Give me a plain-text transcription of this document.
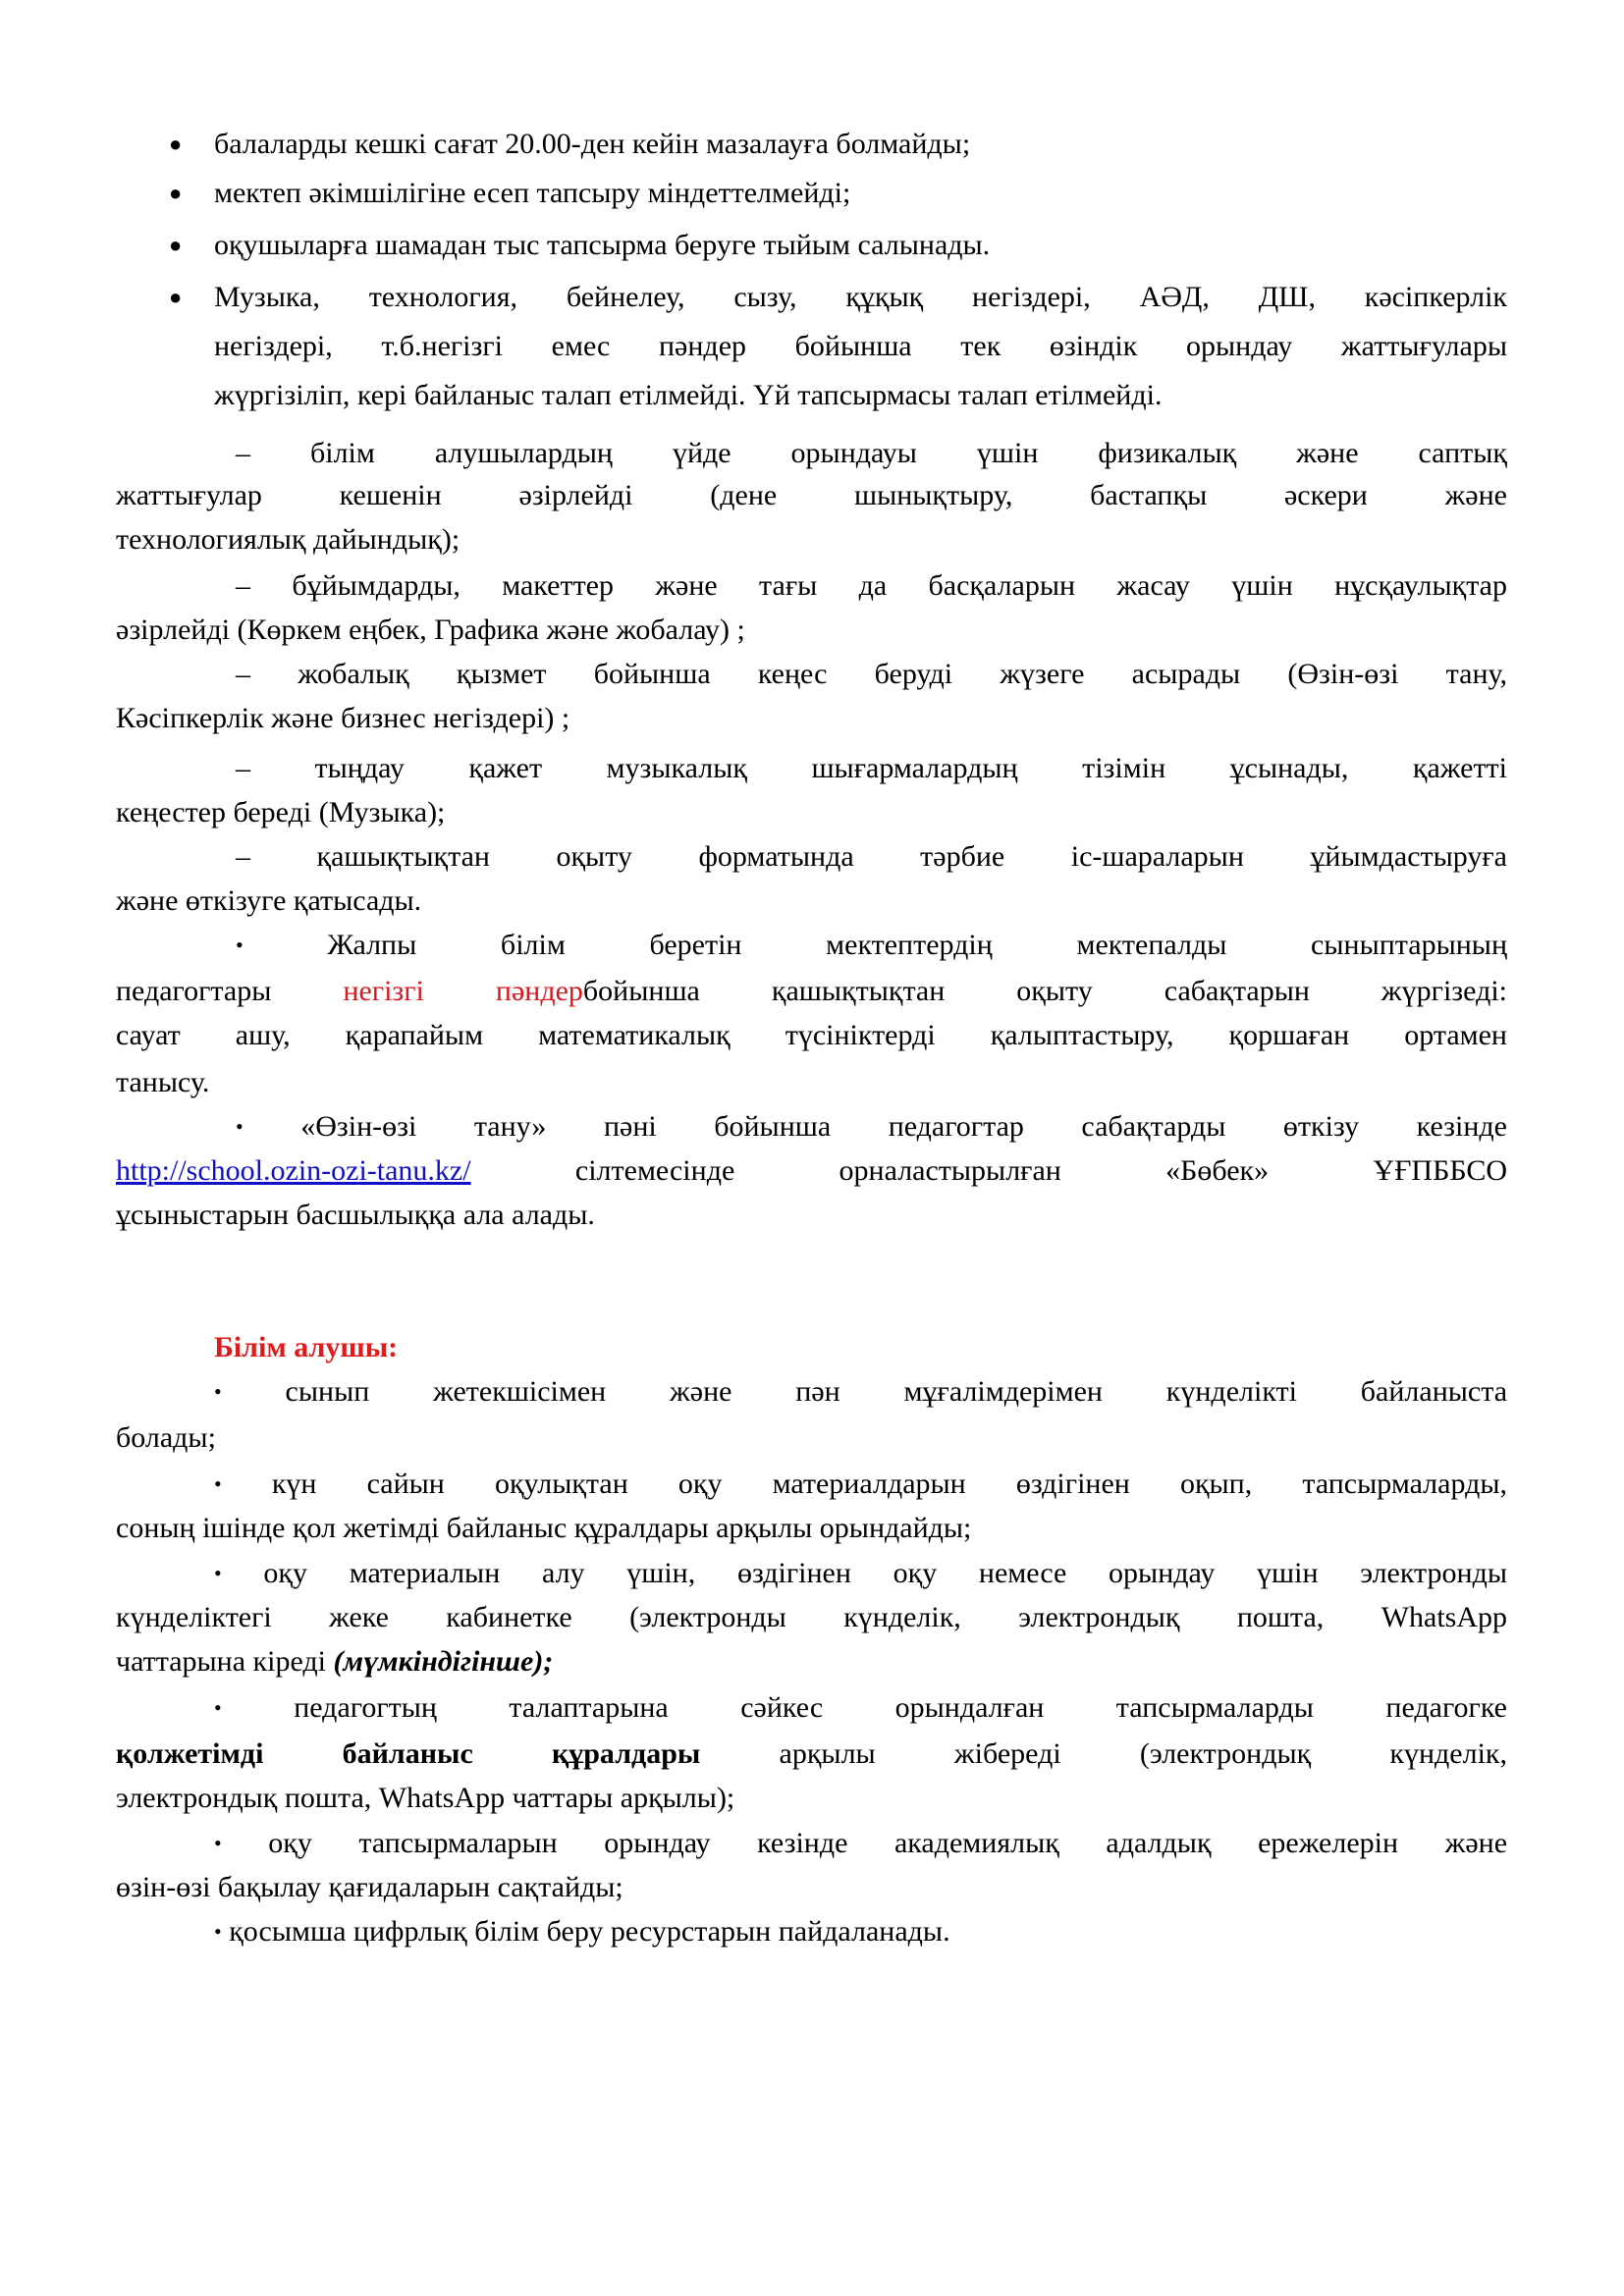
● балаларды кешкі сағат 20.00-ден кейін мазалауға болмайды;
● мектеп әкімшілігіне есеп тапсыру міндеттелмейді;
● оқушыларға шамадан тыс тапсырма беруге тыйым салынады.
● Музыка, технология, бейнелеу, сызу, құқық негіздері, АӘД, ДШ, кәсіпкерлік
негіздері, т.б.негізгі емес пәндер бойынша тек өзіндік орындау жаттығулары
жүргізіліп, кері байланыс талап етілмейді. Үй тапсырмасы талап етілмейді.
– білім алушылардың үйде орындауы үшін физикалық және саптық
жаттығулар кешенін әзірлейді (дене шынықтыру, бастапқы әскери және
технологиялық дайындық);
– бұйымдарды, макеттер және тағы да басқаларын жасау үшін нұсқаулықтар
әзірлейді (Көркем еңбек, Графика және жобалау) ;
– жобалық қызмет бойынша кеңес беруді жүзеге асырады (Өзін-өзі тану,
Кәсіпкерлік және бизнес негіздері) ;
– тыңдау қажет музыкалық шығармалардың тізімін ұсынады, қажетті
кеңестер береді (Музыка);
– қашықтықтан оқыту форматында тәрбие іс-шараларын ұйымдастыруға
және өткізуге қатысады.
•	Жалпы білім беретін мектептердің мектепалды сыныптарының
педагогтары негізгі пәндербойынша қашықтықтан оқыту сабақтарын жүргізеді:
сауат ашу, қарапайым математикалық түсініктерді қалыптастыру, қоршаған ортамен
танысу.
• «Өзін-өзі тану» пәні бойынша педагогтар сабақтарды өткізу кезінде
http://school.ozin-ozi-tanu.kz/	сілтемесінде орналастырылған «Бөбек» ҰҒПББСО
ұсыныстарын басшылыққа ала алады.
Білім алушы:
• сынып жетекшісімен және пән мұғалімдерімен күнделікті байланыста
болады;
• күн сайын оқулықтан оқу материалдарын өздігінен оқып, тапсырмаларды,
соның ішінде қол жетімді байланыс құралдары арқылы орындайды;
• оқу материалын алу үшін, өздігінен оқу немесе орындау үшін электронды
күнделіктегі жеке кабинетке (электронды күнделік, электрондық пошта, WhatsApp
чаттарына кіреді (мүмкіндігінше);
• педагогтың талаптарына сәйкес орындалған тапсырмаларды педагогке
қолжетімді байланыс құралдары арқылы жібереді (электрондық күнделік,
электрондық пошта, WhatsApp чаттары арқылы);
• оқу тапсырмаларын орындау кезінде академиялық адалдық ережелерін және
өзін-өзі бақылау қағидаларын сақтайды;
• қосымша цифрлық білім беру ресурстарын пайдаланады.
